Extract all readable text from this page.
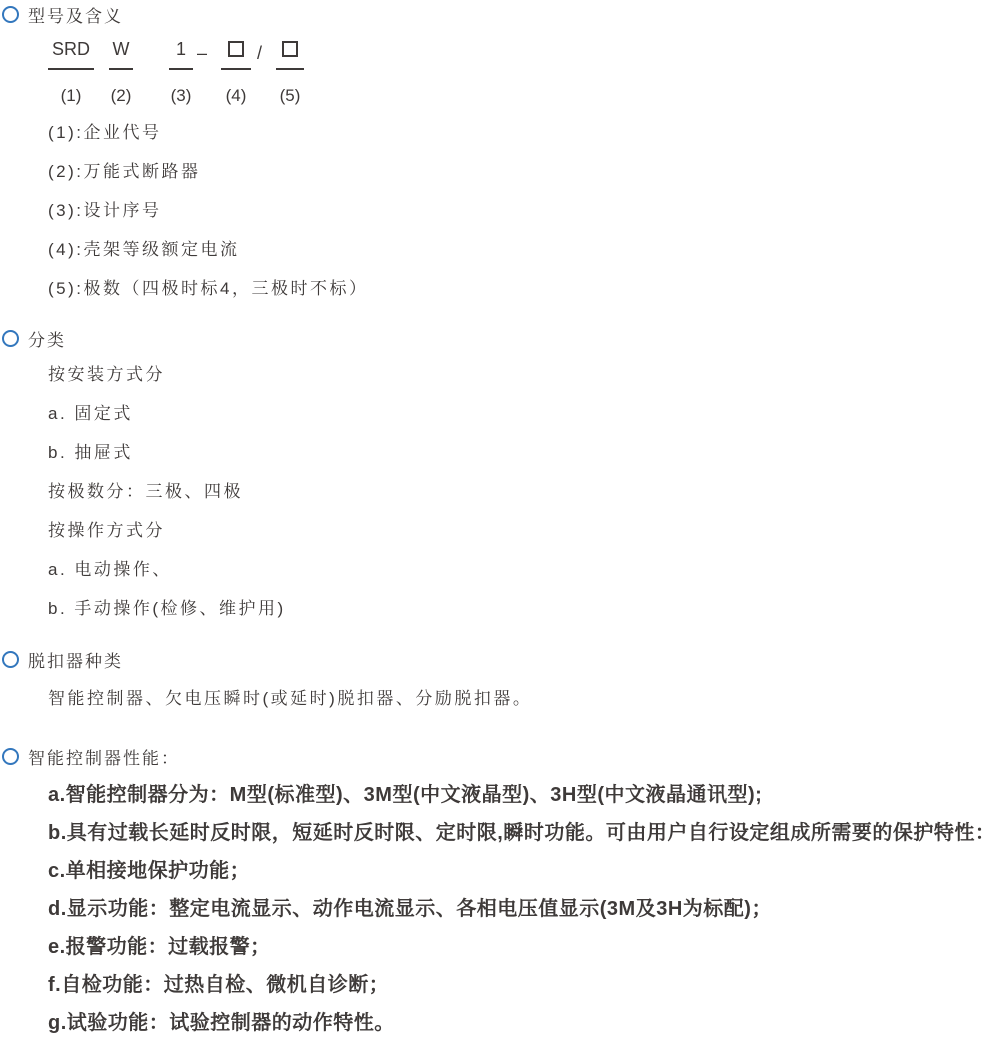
型号及含义
SRD
(1)
W
(2)
1
(3)
–
(4)
/
(5)
(1):企业代号
(2):万能式断路器
(3):设计序号
(4):壳架等级额定电流
(5):极数（四极时标4，三极时不标）
分类
按安装方式分
a. 固定式
b. 抽屉式
按极数分：三极、四极
按操作方式分
a. 电动操作、
b. 手动操作(检修、维护用)
脱扣器种类
智能控制器、欠电压瞬时(或延时)脱扣器、分励脱扣器。
智能控制器性能：
a.智能控制器分为：M型(标准型)、3M型(中文液晶型)、3H型(中文液晶通讯型);
b.具有过载长延时反时限，短延时反时限、定时限,瞬时功能。可由用户自行设定组成所需要的保护特性：
c.单相接地保护功能；
d.显示功能：整定电流显示、动作电流显示、各相电压值显示(3M及3H为标配)；
e.报警功能：过载报警；
f.自检功能：过热自检、微机自诊断；
g.试验功能：试验控制器的动作特性。
